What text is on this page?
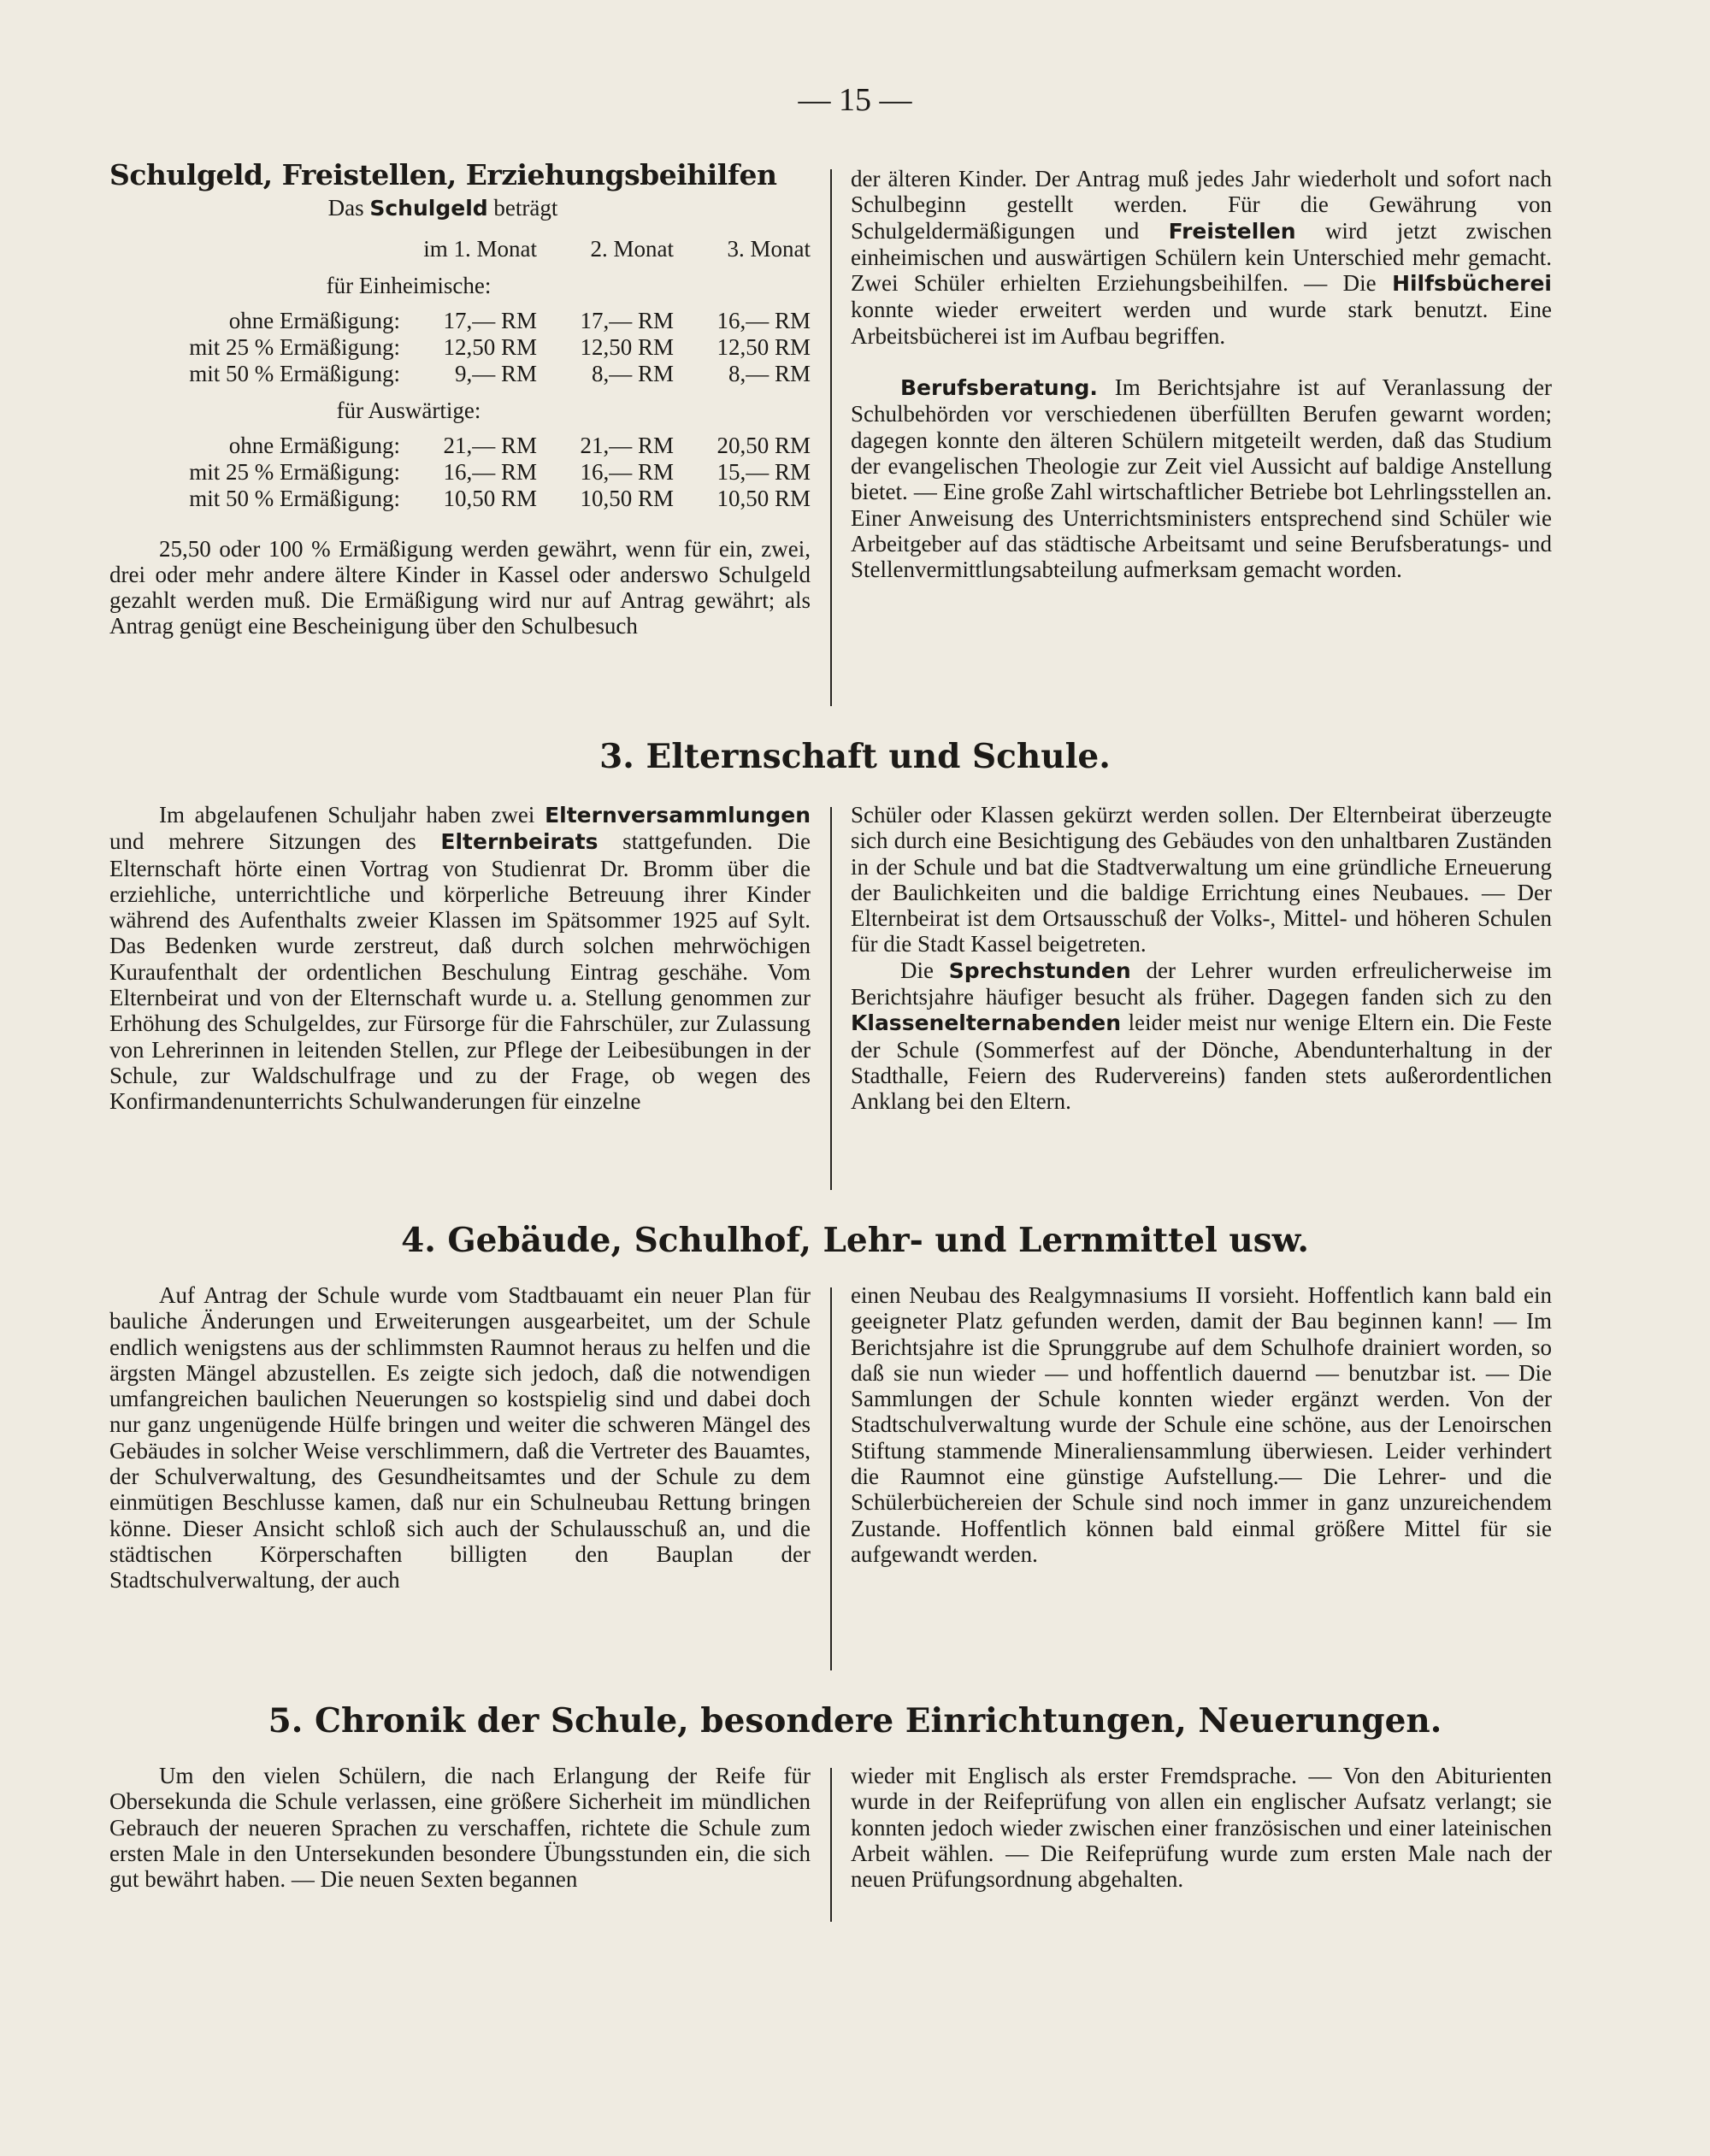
— 15 —

Schulgeld, Freistellen, Erziehungsbeihilfen

Das Schulgeld beträgt

	im 1. Monat	2. Monat	3. Monat
für Einheimische:			
ohne Ermäßigung:	17,— RM	17,— RM	16,— RM
mit 25 % Ermäßigung:	12,50 RM	12,50 RM	12,50 RM
mit 50 % Ermäßigung:	9,— RM	8,— RM	8,— RM
für Auswärtige:			
ohne Ermäßigung:	21,— RM	21,— RM	20,50 RM
mit 25 % Ermäßigung:	16,— RM	16,— RM	15,— RM
mit 50 % Ermäßigung:	10,50 RM	10,50 RM	10,50 RM

25,50 oder 100 % Ermäßigung werden gewährt, wenn für ein, zwei, drei oder mehr andere ältere Kinder in Kassel oder anderswo Schulgeld gezahlt werden muß. Die Ermäßigung wird nur auf Antrag gewährt; als Antrag genügt eine Bescheinigung über den Schulbesuch

der älteren Kinder. Der Antrag muß jedes Jahr wiederholt und sofort nach Schulbeginn gestellt werden. Für die Gewährung von Schulgeldermäßigungen und Freistellen wird jetzt zwischen einheimischen und auswärtigen Schülern kein Unterschied mehr gemacht. Zwei Schüler erhielten Erziehungsbeihilfen. — Die Hilfsbücherei konnte wieder erweitert werden und wurde stark benutzt. Eine Arbeitsbücherei ist im Aufbau begriffen.

Berufsberatung. Im Berichtsjahre ist auf Veranlassung der Schulbehörden vor verschiedenen überfüllten Berufen gewarnt worden; dagegen konnte den älteren Schülern mitgeteilt werden, daß das Studium der evangelischen Theologie zur Zeit viel Aussicht auf baldige Anstellung bietet. — Eine große Zahl wirtschaftlicher Betriebe bot Lehrlingsstellen an. Einer Anweisung des Unterrichtsministers entsprechend sind Schüler wie Arbeitgeber auf das städtische Arbeitsamt und seine Berufsberatungs- und Stellenvermittlungsabteilung aufmerksam gemacht worden.

3. Elternschaft und Schule.

Im abgelaufenen Schuljahr haben zwei Elternversammlungen und mehrere Sitzungen des Elternbeirats stattgefunden. Die Elternschaft hörte einen Vortrag von Studienrat Dr. Bromm über die erziehliche, unterrichtliche und körperliche Betreuung ihrer Kinder während des Aufenthalts zweier Klassen im Spätsommer 1925 auf Sylt. Das Bedenken wurde zerstreut, daß durch solchen mehrwöchigen Kuraufenthalt der ordentlichen Beschulung Eintrag geschähe. Vom Elternbeirat und von der Elternschaft wurde u. a. Stellung genommen zur Erhöhung des Schulgeldes, zur Fürsorge für die Fahrschüler, zur Zulassung von Lehrerinnen in leitenden Stellen, zur Pflege der Leibesübungen in der Schule, zur Waldschulfrage und zu der Frage, ob wegen des Konfirmandenunterrichts Schulwanderungen für einzelne

Schüler oder Klassen gekürzt werden sollen. Der Elternbeirat überzeugte sich durch eine Besichtigung des Gebäudes von den unhaltbaren Zuständen in der Schule und bat die Stadtverwaltung um eine gründliche Erneuerung der Baulichkeiten und die baldige Errichtung eines Neubaues. — Der Elternbeirat ist dem Ortsausschuß der Volks-, Mittel- und höheren Schulen für die Stadt Kassel beigetreten.

Die Sprechstunden der Lehrer wurden erfreulicherweise im Berichtsjahre häufiger besucht als früher. Dagegen fanden sich zu den Klassenelternabenden leider meist nur wenige Eltern ein. Die Feste der Schule (Sommerfest auf der Dönche, Abendunterhaltung in der Stadthalle, Feiern des Rudervereins) fanden stets außerordentlichen Anklang bei den Eltern.

4. Gebäude, Schulhof, Lehr- und Lernmittel usw.

Auf Antrag der Schule wurde vom Stadtbauamt ein neuer Plan für bauliche Änderungen und Erweiterungen ausgearbeitet, um der Schule endlich wenigstens aus der schlimmsten Raumnot heraus zu helfen und die ärgsten Mängel abzustellen. Es zeigte sich jedoch, daß die notwendigen umfangreichen baulichen Neuerungen so kostspielig sind und dabei doch nur ganz ungenügende Hülfe bringen und weiter die schweren Mängel des Gebäudes in solcher Weise verschlimmern, daß die Vertreter des Bauamtes, der Schulverwaltung, des Gesundheitsamtes und der Schule zu dem einmütigen Beschlusse kamen, daß nur ein Schulneubau Rettung bringen könne. Dieser Ansicht schloß sich auch der Schulausschuß an, und die städtischen Körperschaften billigten den Bauplan der Stadtschulverwaltung, der auch

einen Neubau des Realgymnasiums II vorsieht. Hoffentlich kann bald ein geeigneter Platz gefunden werden, damit der Bau beginnen kann! — Im Berichtsjahre ist die Sprunggrube auf dem Schulhofe drainiert worden, so daß sie nun wieder — und hoffentlich dauernd — benutzbar ist. — Die Sammlungen der Schule konnten wieder ergänzt werden. Von der Stadtschulverwaltung wurde der Schule eine schöne, aus der Lenoirschen Stiftung stammende Mineraliensammlung überwiesen. Leider verhindert die Raumnot eine günstige Aufstellung.— Die Lehrer- und die Schülerbüchereien der Schule sind noch immer in ganz unzureichendem Zustande. Hoffentlich können bald einmal größere Mittel für sie aufgewandt werden.

5. Chronik der Schule, besondere Einrichtungen, Neuerungen.

Um den vielen Schülern, die nach Erlangung der Reife für Obersekunda die Schule verlassen, eine größere Sicherheit im mündlichen Gebrauch der neueren Sprachen zu verschaffen, richtete die Schule zum ersten Male in den Untersekunden besondere Übungsstunden ein, die sich gut bewährt haben. — Die neuen Sexten begannen

wieder mit Englisch als erster Fremdsprache. — Von den Abiturienten wurde in der Reifeprüfung von allen ein englischer Aufsatz verlangt; sie konnten jedoch wieder zwischen einer französischen und einer lateinischen Arbeit wählen. — Die Reifeprüfung wurde zum ersten Male nach der neuen Prüfungsordnung abgehalten.
